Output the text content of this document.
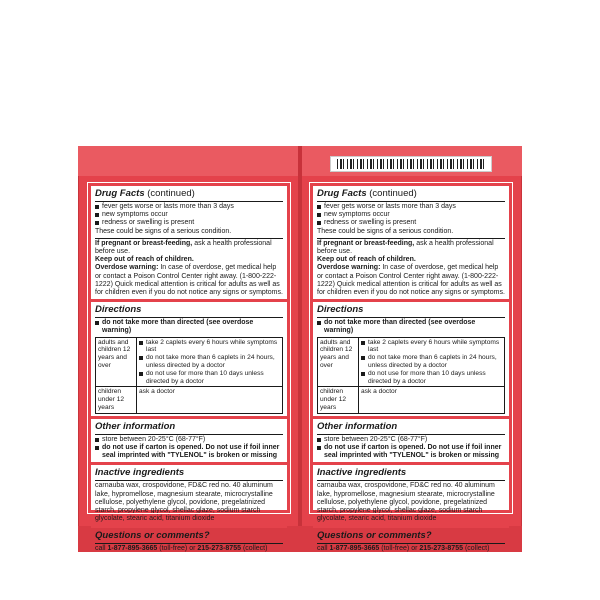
Drug Facts (continued)
fever gets worse or lasts more than 3 days
new symptoms occur
redness or swelling is present
These could be signs of a serious condition.
If pregnant or breast-feeding, ask a health professional before use.
Keep out of reach of children.
Overdose warning: In case of overdose, get medical help or contact a Poison Control Center right away. (1-800-222-1222) Quick medical attention is critical for adults as well as for children even if you do not notice any signs or symptoms.
Directions
do not take more than directed (see overdose warning)
adults and children 12 years and over	take 2 caplets every 6 hours while symptoms last
do not take more than 6 caplets in 24 hours, unless directed by a doctor
do not use for more than 10 days unless directed by a doctor

children under 12 years	ask a doctor
Other information
store between 20-25°C (68-77°F)
do not use if carton is opened. Do not use if foil inner seal imprinted with "TYLENOL" is broken or missing
Inactive ingredients
carnauba wax, crospovidone, FD&C red no. 40 aluminum lake, hypromellose, magnesium stearate, microcrystalline cellulose, polyethylene glycol, povidone, pregelatinized starch, propylene glycol, shellac glaze, sodium starch glycolate, stearic acid, titanium dioxide
Questions or comments?
call 1-877-895-3665 (toll-free) or 215-273-8755 (collect)
Drug Facts (continued)
fever gets worse or lasts more than 3 days
new symptoms occur
redness or swelling is present
These could be signs of a serious condition.
If pregnant or breast-feeding, ask a health professional before use.
Keep out of reach of children.
Overdose warning: In case of overdose, get medical help or contact a Poison Control Center right away. (1-800-222-1222) Quick medical attention is critical for adults as well as for children even if you do not notice any signs or symptoms.
Directions
do not take more than directed (see overdose warning)
adults and children 12 years and over	take 2 caplets every 6 hours while symptoms last
do not take more than 6 caplets in 24 hours, unless directed by a doctor
do not use for more than 10 days unless directed by a doctor

children under 12 years	ask a doctor
Other information
store between 20-25°C (68-77°F)
do not use if carton is opened. Do not use if foil inner seal imprinted with "TYLENOL" is broken or missing
Inactive ingredients
carnauba wax, crospovidone, FD&C red no. 40 aluminum lake, hypromellose, magnesium stearate, microcrystalline cellulose, polyethylene glycol, povidone, pregelatinized starch, propylene glycol, shellac glaze, sodium starch glycolate, stearic acid, titanium dioxide
Questions or comments?
call 1-877-895-3665 (toll-free) or 215-273-8755 (collect)
